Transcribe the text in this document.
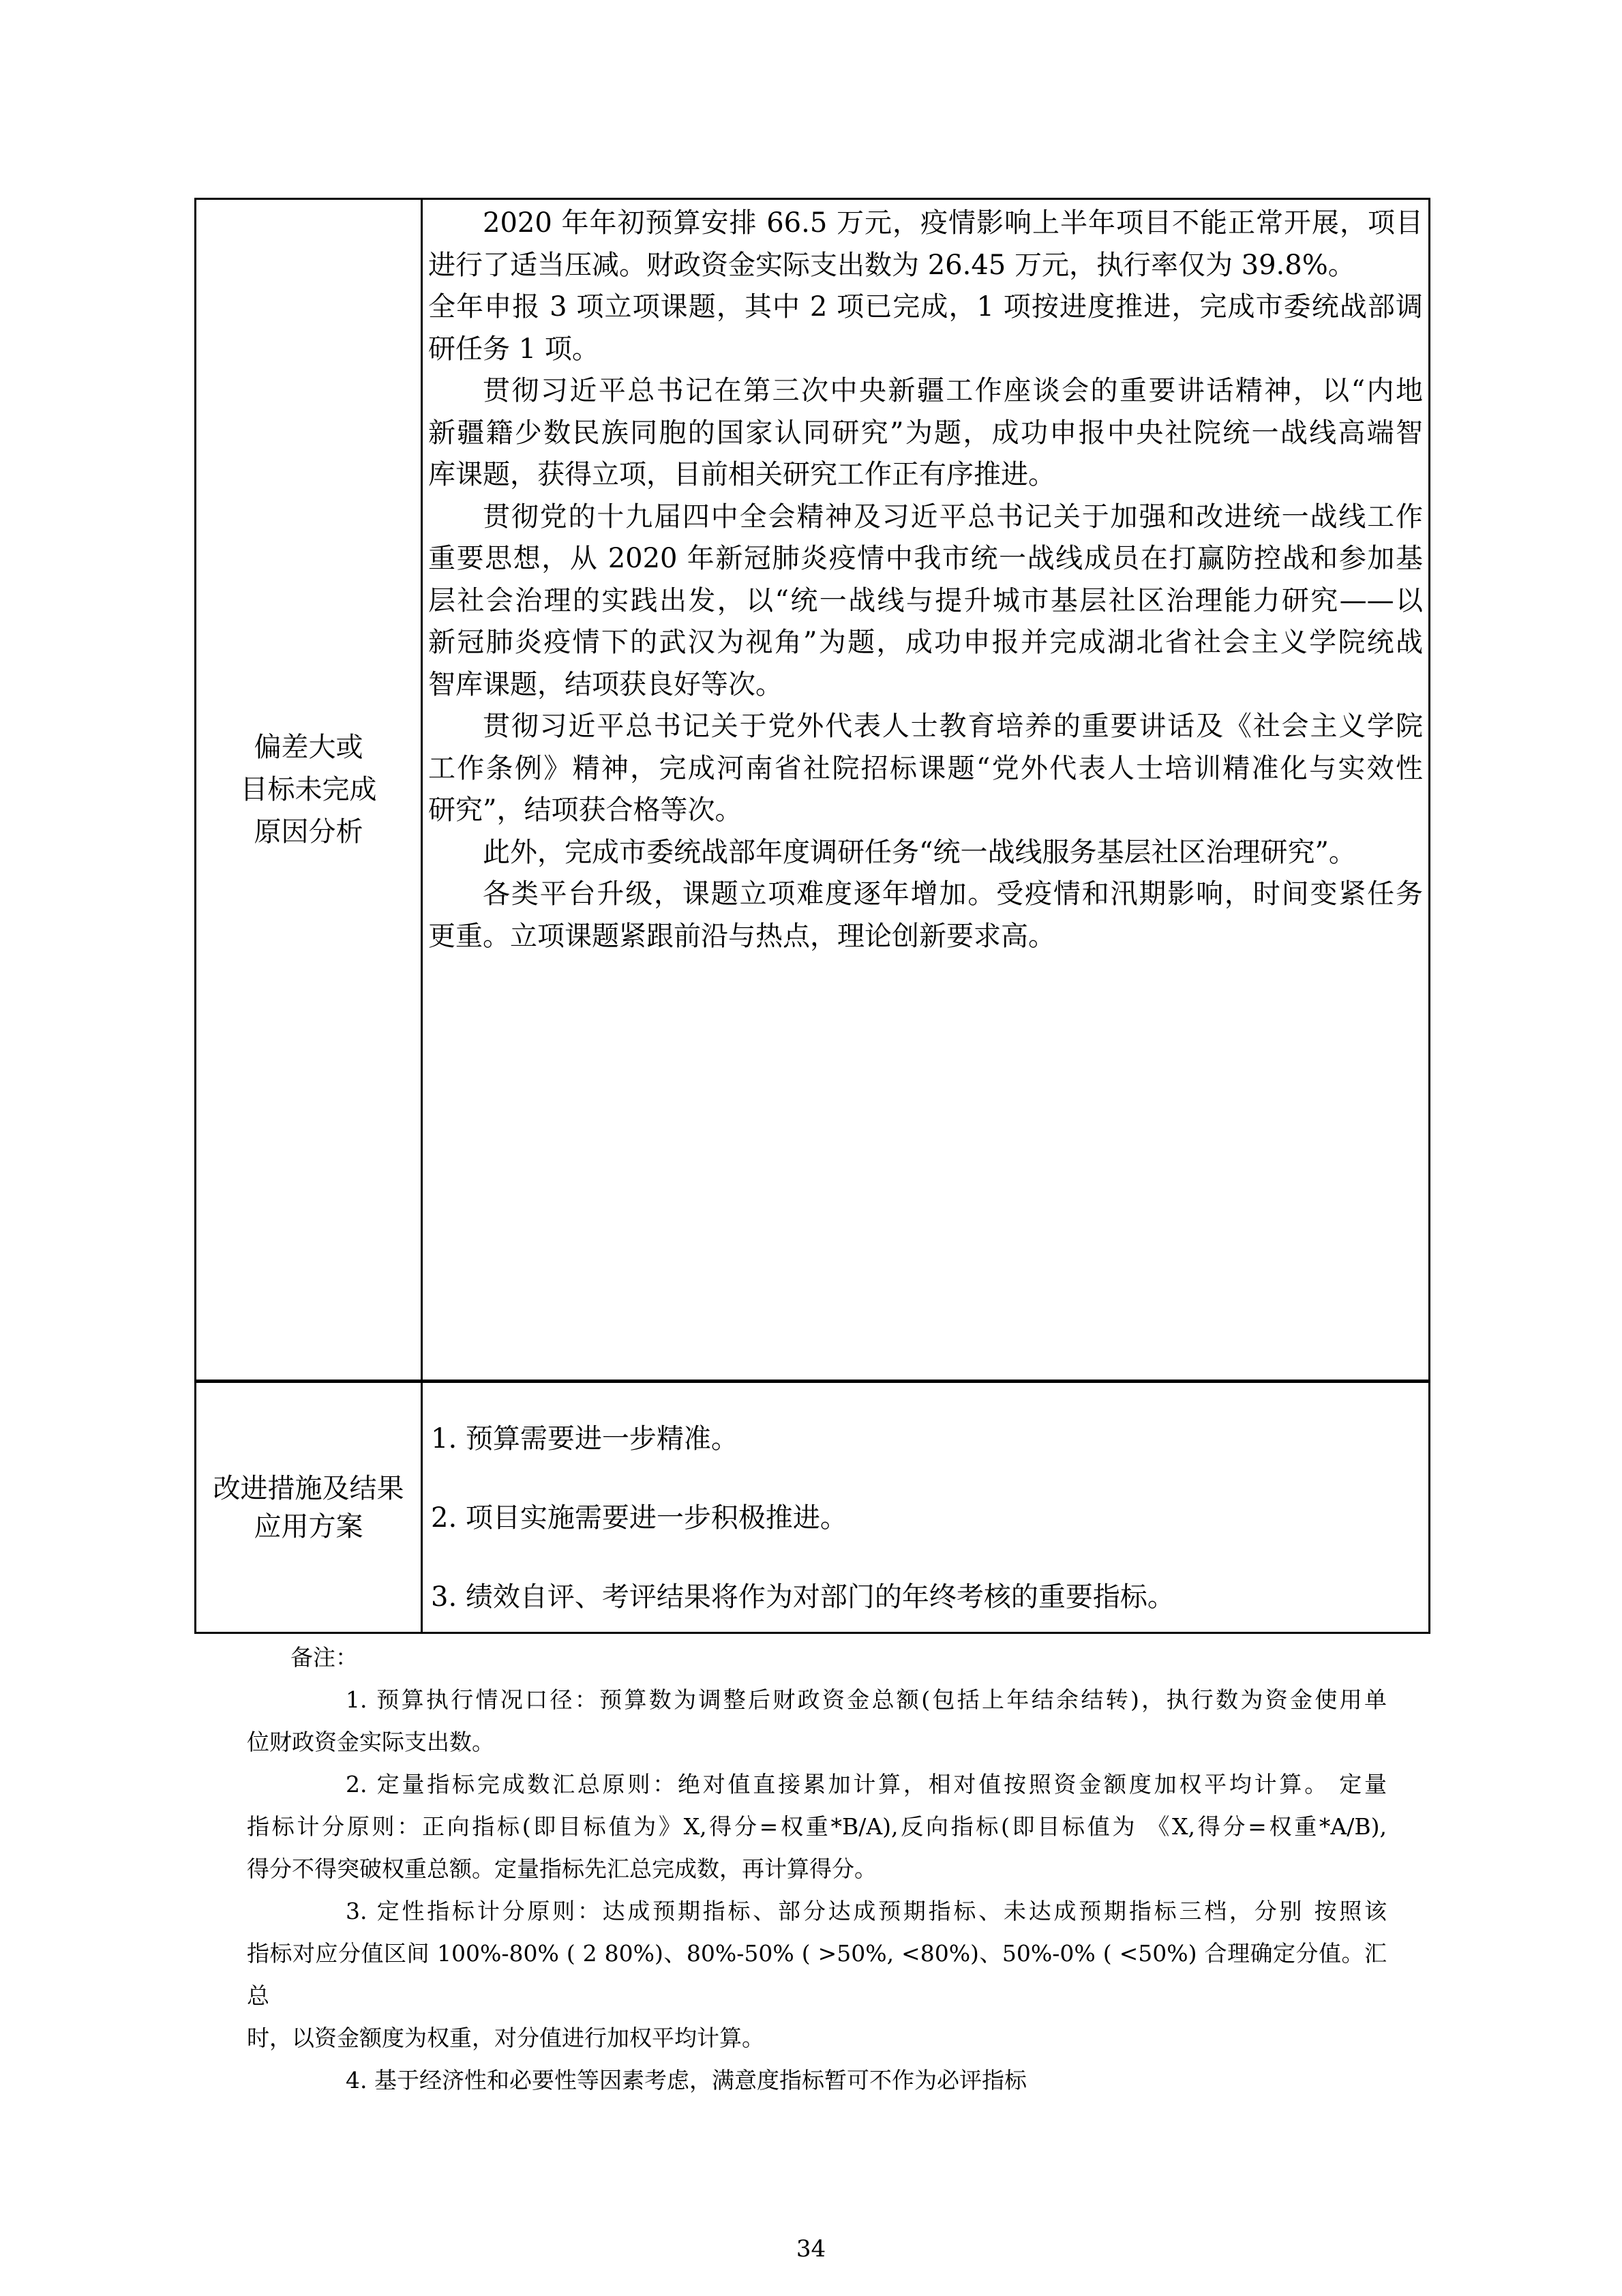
偏差大或
目标未完成
原因分析
2020 年年初预算安排 66.5 万元，疫情影响上半年项目不能正常开展，项目
进行了适当压减。财政资金实际支出数为 26.45 万元，执行率仅为 39.8%。
全年申报 3 项立项课题，其中 2 项已完成，1 项按进度推进，完成市委统战部调
研任务 1 项。
贯彻习近平总书记在第三次中央新疆工作座谈会的重要讲话精神，以“内地
新疆籍少数民族同胞的国家认同研究”为题，成功申报中央社院统一战线高端智
库课题，获得立项，目前相关研究工作正有序推进。
贯彻党的十九届四中全会精神及习近平总书记关于加强和改进统一战线工作
重要思想，从 2020 年新冠肺炎疫情中我市统一战线成员在打赢防控战和参加基
层社会治理的实践出发，以“统一战线与提升城市基层社区治理能力研究——以
新冠肺炎疫情下的武汉为视角”为题，成功申报并完成湖北省社会主义学院统战
智库课题，结项获良好等次。
贯彻习近平总书记关于党外代表人士教育培养的重要讲话及《社会主义学院
工作条例》精神，完成河南省社院招标课题“党外代表人士培训精准化与实效性
研究”，结项获合格等次。
此外，完成市委统战部年度调研任务“统一战线服务基层社区治理研究”。
各类平台升级，课题立项难度逐年增加。受疫情和汛期影响，时间变紧任务
更重。立项课题紧跟前沿与热点，理论创新要求高。
改进措施及结果
应用方案
1. 预算需要进一步精准。
2. 项目实施需要进一步积极推进。
3. 绩效自评、考评结果将作为对部门的年终考核的重要指标。
备注：
1. 预算执行情况口径：预算数为调整后财政资金总额(包括上年结余结转)，执行数为资金使用单
位财政资金实际支出数。
2. 定量指标完成数汇总原则：绝对值直接累加计算，相对值按照资金额度加权平均计算。 定量
指标计分原则：正向指标(即目标值为》X,得分=权重*B/A),反向指标(即目标值为 《X,得分=权重*A/B),
得分不得突破权重总额。定量指标先汇总完成数，再计算得分。
3. 定性指标计分原则：达成预期指标、部分达成预期指标、未达成预期指标三档，分别 按照该
指标对应分值区间 100%-80% ( 2 80%)、80%-50% ( >50%, <80%)、50%-0% ( <50%) 合理确定分值。汇总
时，以资金额度为权重，对分值进行加权平均计算。
4. 基于经济性和必要性等因素考虑，满意度指标暂可不作为必评指标
34
